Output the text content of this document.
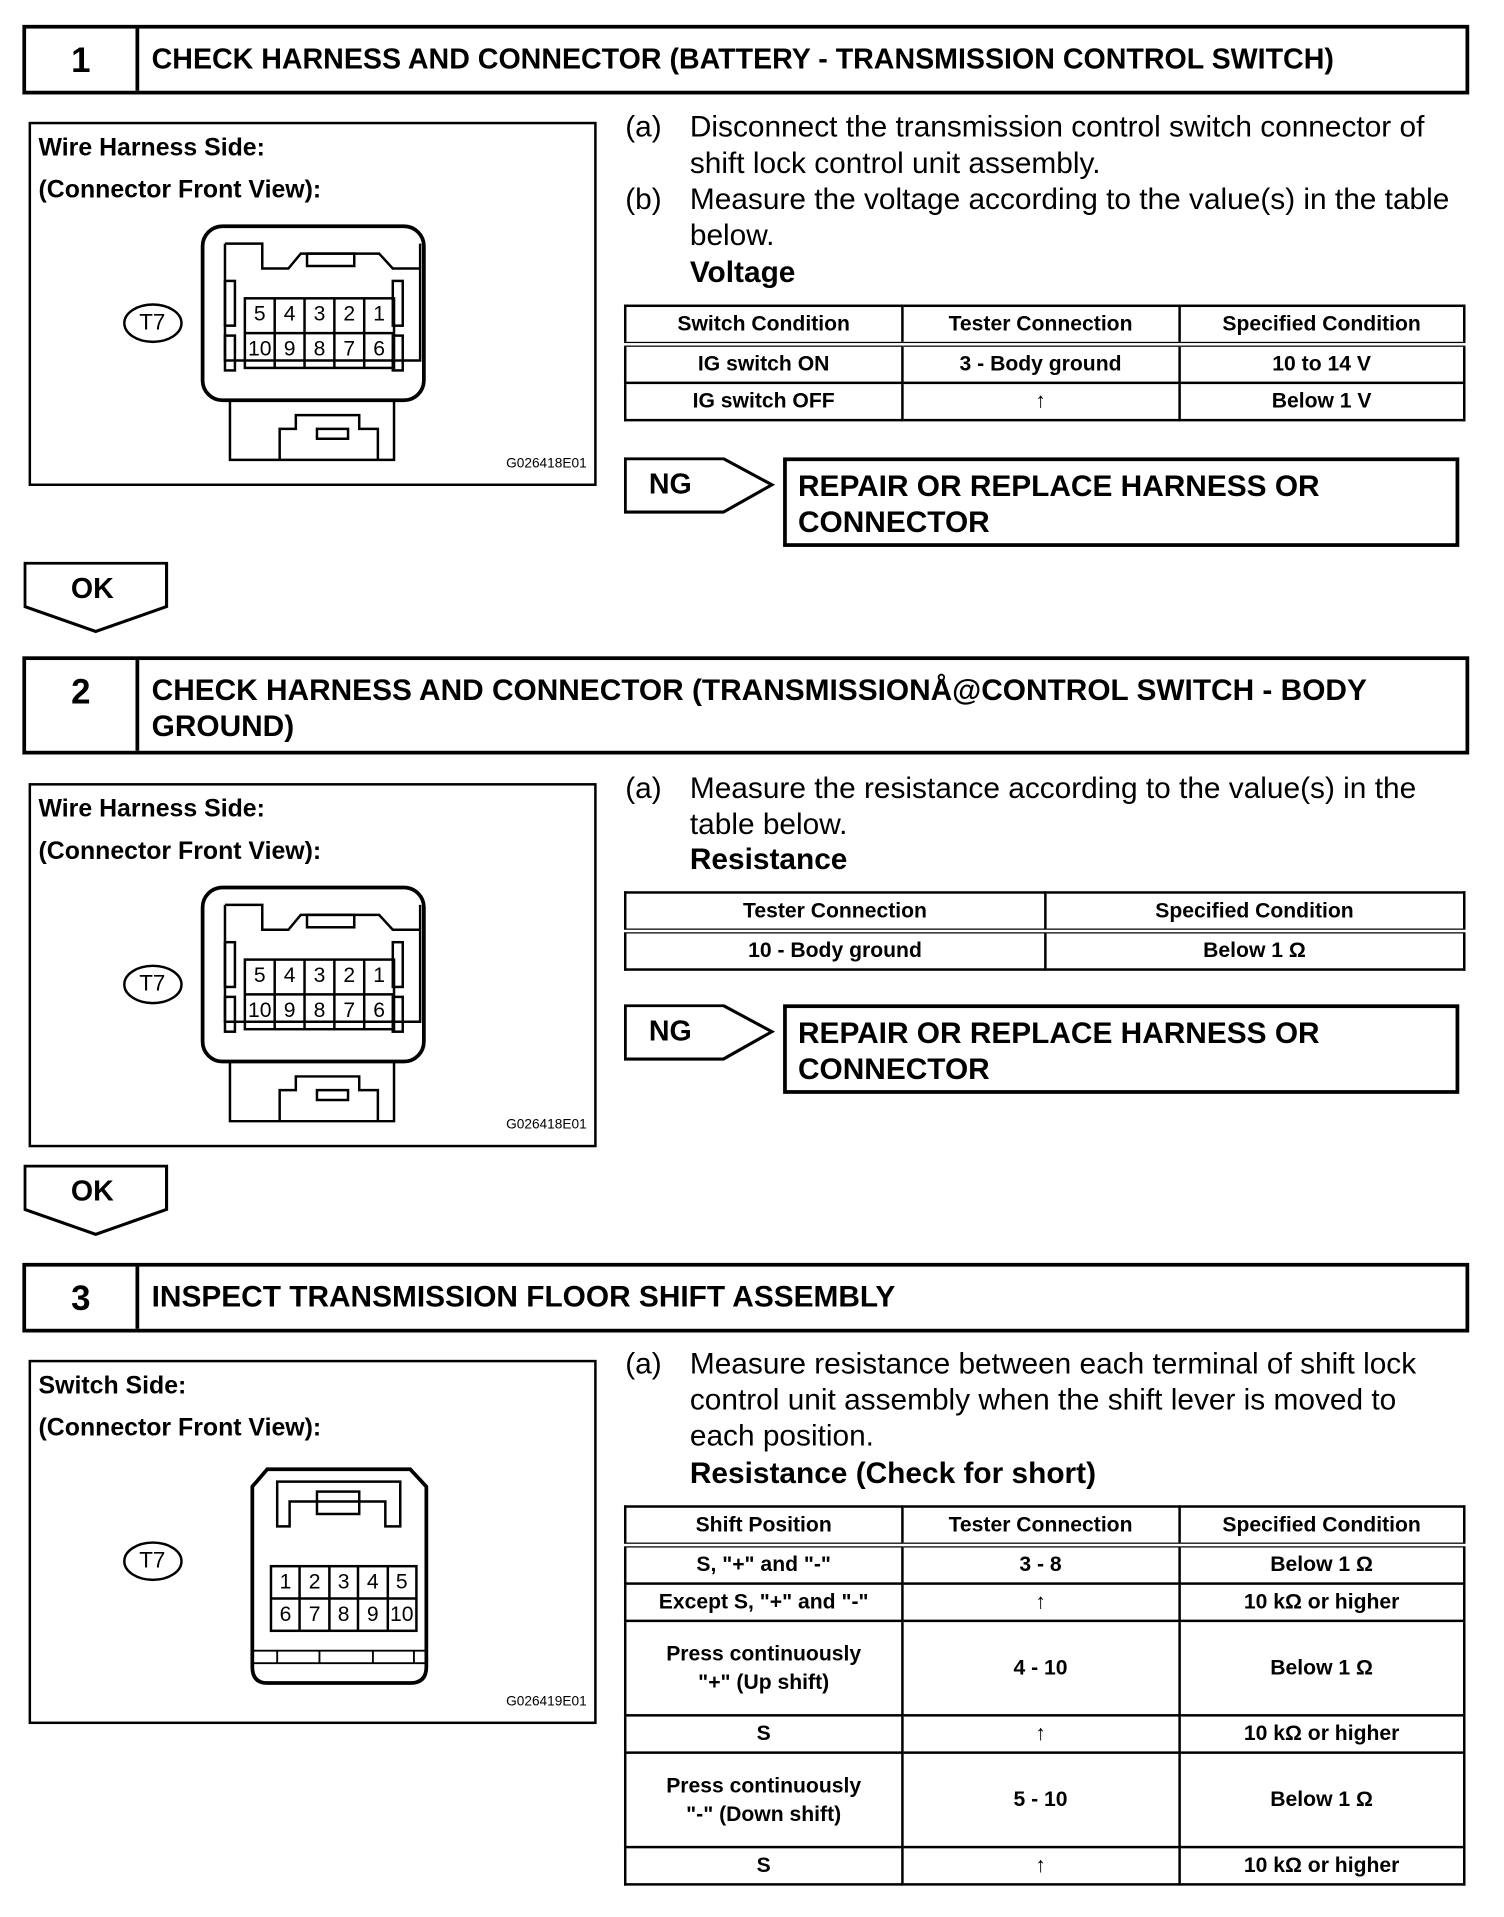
1	CHECK HARNESS AND CONNECTOR (BATTERY - TRANSMISSION CONTROL SWITCH)
Wire Harness Side:
(Connector Front View):
T7	5	4	3	2	1
10 9	8	7	6
G026418E01
(a)	Disconnect the transmission control switch connector of shift lock control unit assembly.
(b)	Measure the voltage according to the value(s) in the table below.
Voltage
Switch Condition	Tester Connection	Specified Condition
IG switch ON	3 - Body ground	10 to 14 V
IG switch OFF	↑	Below 1 V
NG	REPAIR OR REPLACE HARNESS OR CONNECTOR
OK
2	CHECK HARNESS AND CONNECTOR (TRANSMISSIONÅ@CONTROL SWITCH - BODY GROUND)
Wire Harness Side:
(Connector Front View):
T7	5	4	3	2	1
10 9	8	7	6
G026418E01
(a)	Measure the resistance according to the value(s) in the table below.
Resistance
Tester Connection	Specified Condition
10 - Body ground	Below 1 Ω
NG	REPAIR OR REPLACE HARNESS OR CONNECTOR
OK
3	INSPECT TRANSMISSION FLOOR SHIFT ASSEMBLY
Switch Side:
(Connector Front View):
T7
1	2	3	4	5
6	7	8	9 10
G026419E01
(a)	Measure resistance between each terminal of shift lock control unit assembly when the shift lever is moved to each position.
Resistance (Check for short)
Shift Position	Tester Connection	Specified Condition
S, "+" and "-"	3 - 8	Below 1 Ω
Except S, "+" and "-"	↑	10 kΩ or higher
Press continuously "+" (Up shift)	4 - 10	Below 1 Ω
S	↑	10 kΩ or higher
Press continuously "-" (Down shift)	5 - 10	Below 1 Ω
S	↑	10 kΩ or higher
